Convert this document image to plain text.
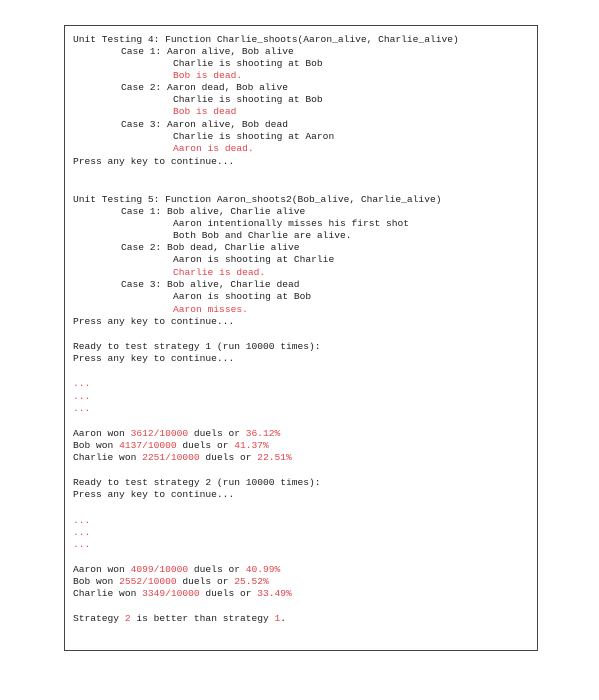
Unit Testing 4: Function Charlie_shoots(Aaron_alive, Charlie_alive)

Case 1: Aaron alive, Bob alive

Charlie is shooting at Bob

Bob is dead.

Case 2: Aaron dead, Bob alive

Charlie is shooting at Bob

Bob is dead

Case 3: Aaron alive, Bob dead

Charlie is shooting at Aaron

Aaron is dead.

Press any key to continue...

Unit Testing 5: Function Aaron_shoots2(Bob_alive, Charlie_alive)

Case 1: Bob alive, Charlie alive

Aaron intentionally misses his first shot

Both Bob and Charlie are alive.

Case 2: Bob dead, Charlie alive

Aaron is shooting at Charlie

Charlie is dead.

Case 3: Bob alive, Charlie dead

Aaron is shooting at Bob

Aaron misses.

Press any key to continue...

Ready to test strategy 1 (run 10000 times):

Press any key to continue...

...

...

...

Aaron won 3612/10000 duels or 36.12%

Bob won 4137/10000 duels or 41.37%

Charlie won 2251/10000 duels or 22.51%

Ready to test strategy 2 (run 10000 times):

Press any key to continue...

...

...

...

Aaron won 4099/10000 duels or 40.99%

Bob won 2552/10000 duels or 25.52%

Charlie won 3349/10000 duels or 33.49%

Strategy 2 is better than strategy 1.
